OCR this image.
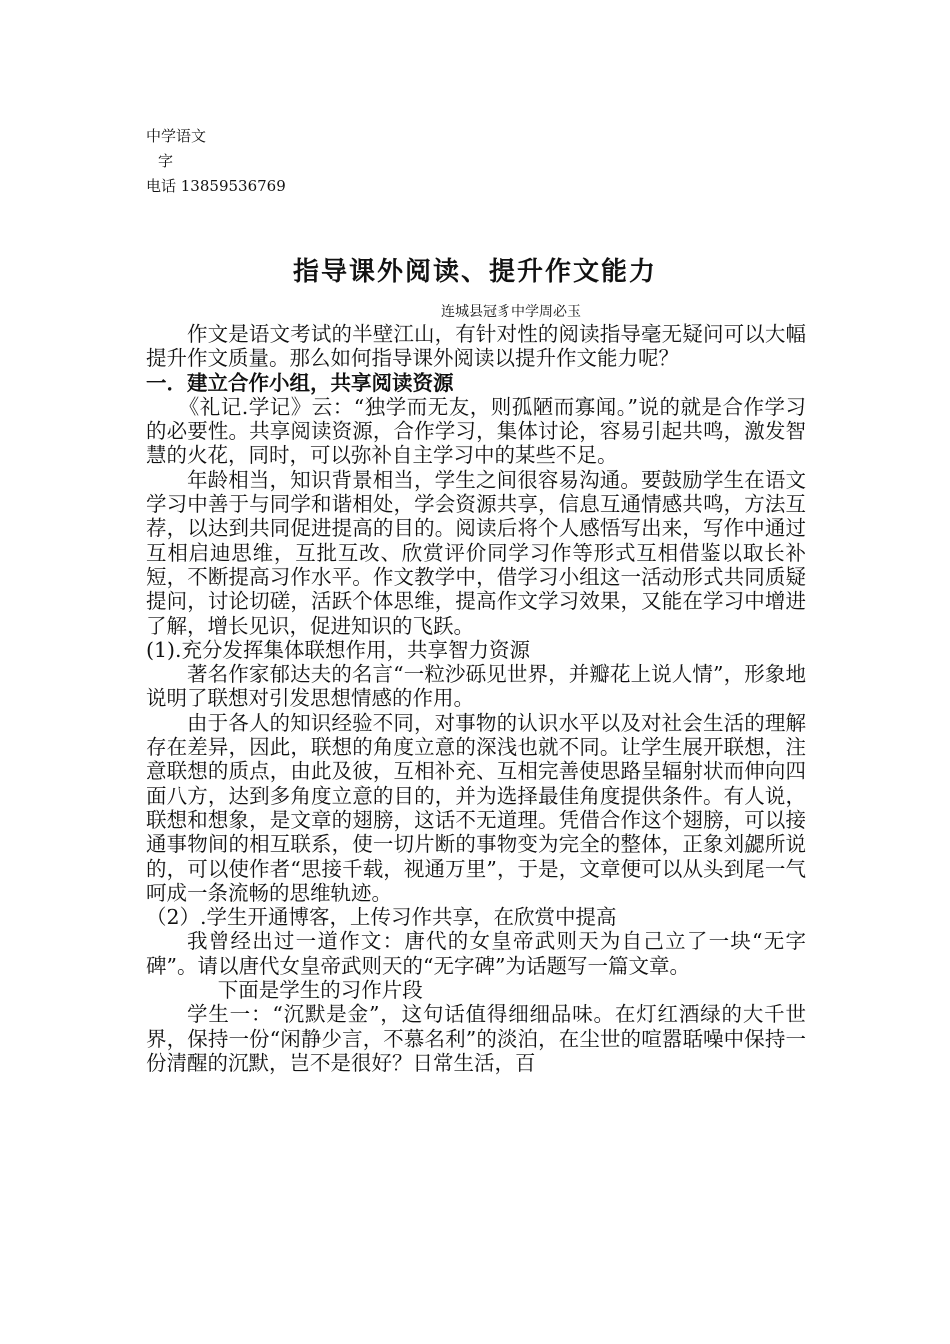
中学语文
字
电话 13859536769
指导课外阅读、提升作文能力
连城县冠豸中学周必玉

作文是语文考试的半壁江山，有针对性的阅读指导毫无疑问可以大幅提升作文质量。那么如何指导课外阅读以提升作文能力呢？

一．建立合作小组，共享阅读资源

《礼记.学记》云：“独学而无友，则孤陋而寡闻。”说的就是合作学习的必要性。共享阅读资源，合作学习，集体讨论，容易引起共鸣，激发智慧的火花，同时，可以弥补自主学习中的某些不足。

年龄相当，知识背景相当，学生之间很容易沟通。要鼓励学生在语文学习中善于与同学和谐相处，学会资源共享，信息互通情感共鸣，方法互荐，以达到共同促进提高的目的。阅读后将个人感悟写出来，写作中通过互相启迪思维，互批互改、欣赏评价同学习作等形式互相借鉴以取长补短，不断提高习作水平。作文教学中，借学习小组这一活动形式共同质疑提问，讨论切磋，活跃个体思维，提高作文学习效果，又能在学习中增进了解，增长见识，促进知识的飞跃。

(1).充分发挥集体联想作用，共享智力资源

著名作家郁达夫的名言“一粒沙砾见世界，并瓣花上说人情”，形象地说明了联想对引发思想情感的作用。

由于各人的知识经验不同，对事物的认识水平以及对社会生活的理解存在差异，因此，联想的角度立意的深浅也就不同。让学生展开联想，注意联想的质点，由此及彼，互相补充、互相完善使思路呈辐射状而伸向四面八方，达到多角度立意的目的，并为选择最佳角度提供条件。有人说，联想和想象，是文章的翅膀，这话不无道理。凭借合作这个翅膀，可以接通事物间的相互联系，使一切片断的事物变为完全的整体，正象刘勰所说的，可以使作者“思接千载，视通万里”，于是，文章便可以从头到尾一气呵成一条流畅的思维轨迹。

（2）.学生开通博客，上传习作共享，在欣赏中提高

我曾经出过一道作文：唐代的女皇帝武则天为自己立了一块“无字碑”。请以唐代女皇帝武则天的“无字碑”为话题写一篇文章。

下面是学生的习作片段

学生一：“沉默是金”，这句话值得细细品味。在灯红酒绿的大千世界，保持一份“闲静少言，不慕名利”的淡泊，在尘世的喧嚣聒噪中保持一份清醒的沉默，岂不是很好？日常生活，百
